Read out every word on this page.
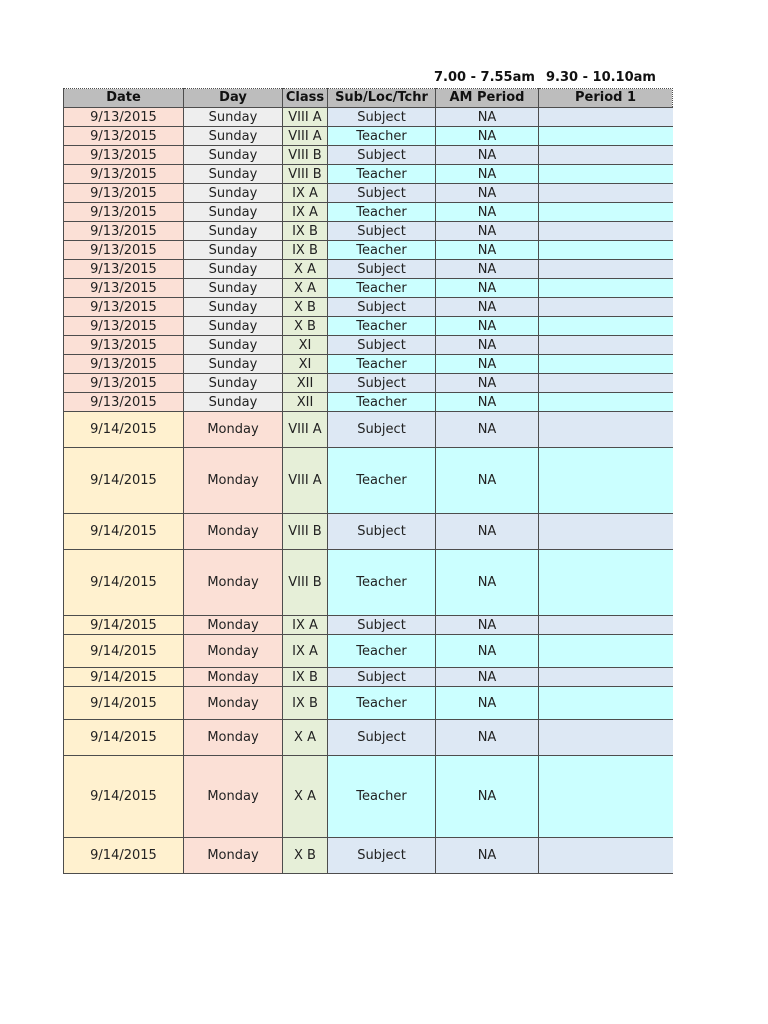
7.00 - 7.55am 9.30 - 10.10am
Date	Day	Class	Sub/Loc/Tchr	AM Period	Period 1
9/13/2015	Sunday	VIII A	Subject	NA	
9/13/2015	Sunday	VIII A	Teacher	NA	
9/13/2015	Sunday	VIII B	Subject	NA	
9/13/2015	Sunday	VIII B	Teacher	NA	
9/13/2015	Sunday	IX A	Subject	NA	
9/13/2015	Sunday	IX A	Teacher	NA	
9/13/2015	Sunday	IX B	Subject	NA	
9/13/2015	Sunday	IX B	Teacher	NA	
9/13/2015	Sunday	X A	Subject	NA	
9/13/2015	Sunday	X A	Teacher	NA	
9/13/2015	Sunday	X B	Subject	NA	
9/13/2015	Sunday	X B	Teacher	NA	
9/13/2015	Sunday	XI	Subject	NA	
9/13/2015	Sunday	XI	Teacher	NA	
9/13/2015	Sunday	XII	Subject	NA	
9/13/2015	Sunday	XII	Teacher	NA	
9/14/2015	Monday	VIII A	Subject	NA	
9/14/2015	Monday	VIII A	Teacher	NA	
9/14/2015	Monday	VIII B	Subject	NA	
9/14/2015	Monday	VIII B	Teacher	NA	
9/14/2015	Monday	IX A	Subject	NA	
9/14/2015	Monday	IX A	Teacher	NA	
9/14/2015	Monday	IX B	Subject	NA	
9/14/2015	Monday	IX B	Teacher	NA	
9/14/2015	Monday	X A	Subject	NA	
9/14/2015	Monday	X A	Teacher	NA	
9/14/2015	Monday	X B	Subject	NA	
